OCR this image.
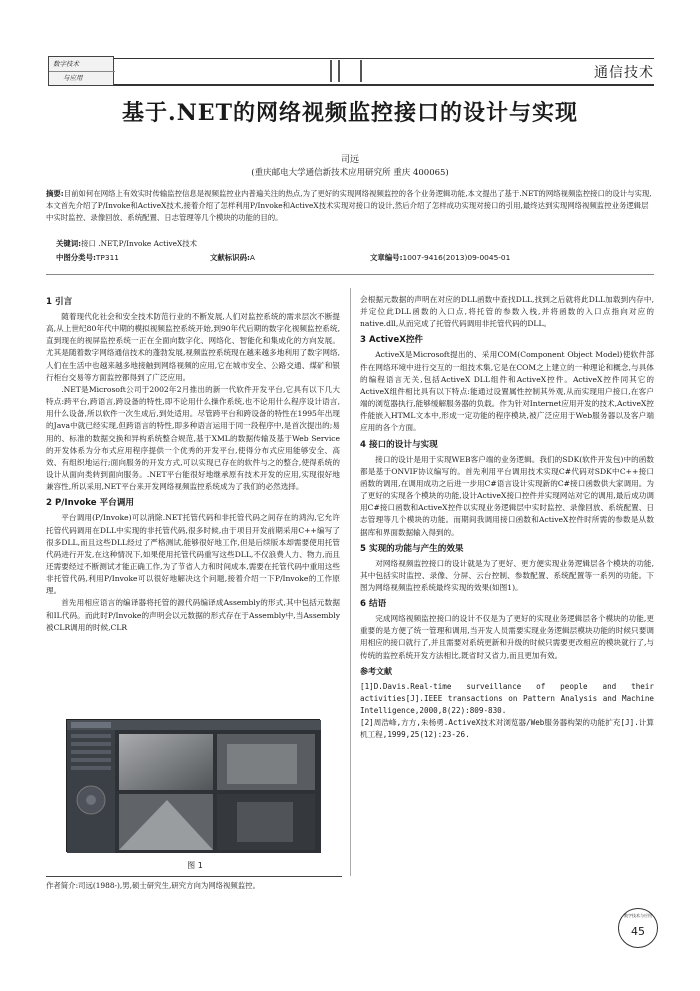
数字技术
与应用	通信技术
基于.NET的网络视频监控接口的设计与实现
司远
(重庆邮电大学通信新技术应用研究所 重庆 400065)
摘要:目前如何在网络上有效实时传输监控信息是视频监控业内普遍关注的热点,为了更好的实现网络视频监控的各个业务逻辑功能,本文提出了基于.NET的网络视频监控接口的设计与实现,本文首先介绍了P/Invoke和ActiveX技术,接着介绍了怎样利用P/Invoke和ActiveX技术实现对接口的设计,然后介绍了怎样成功实现对接口的引用,最终达到实现网络视频监控业务逻辑层中实时监控、录像回放、系统配置、日志管理等几个模块的功能的目的。
关键词:接口 .NET,P/Invoke ActiveX技术
中图分类号:TP311	文献标识码:A	文章编号:1007-9416(2013)09-0045-01
1 引言
随着现代化社会和安全技术防范行业的不断发展,人们对监控系统的需求层次不断提高,从上世纪80年代中期的模拟视频监控系统开始,到90年代后期的数字化视频监控系统,直到现在的视屏监控系统一正在全面向数字化、网络化、智能化和集成化的方向发展。尤其是随着数字网络通信技术的蓬勃发展,视频监控系统现在越来越多地利用了数字网络,人们在生活中也越来越多地接触到网络视频的应用,它在城市安全、公路交通、煤矿和银行柜台交易等方面监控都得到了广泛应用。
.NET是Microsoft公司于2002年2月推出的新一代软件开发平台,它具有以下几大特点:跨平台,跨语言,跨设备的特性,即不论用什么操作系统,也不论用什么程序设计语言,用什么设备,所以软件一次生成后,到处适用。尽管跨平台和跨设备的特性在1995年出现的Java中就已经实现,但跨语言的特性,即多种语言运用于同一段程序中,是首次提出的;易用的、标准的数据交换和异构系统整合规范,基于XML的数据传输及基于Web Service的开发体系为分布式应用程序提供一个优秀的开发平台,使得分布式应用能够安全、高效、有组织地运行;面向服务的开发方式,可以实现已存在的软件与之的整合,使得系统的设计从面向类转到面向服务。.NET平台能很好地继承原有技术开发的应用,实现很好地兼容性,所以采用,NET平台来开发网络视频监控系统成为了我们的必然选择。
2 P/Invoke 平台调用
平台调用(P/Invoke)可以消除.NET托管代码和非托管代码之间存在的鸿沟,它允许托管代码调用在DLL中实现的非托管代码,很多时候,由于项目开发前期采用C++编写了很多DLL,而且这些DLL经过了严格测试,能够很好地工作,但是后续版本却需要使用托管代码进行开发,在这种情况下,如果使用托管代码重写这些DLL,不仅浪费人力、物力,而且还需要经过不断测试才能正确工作,为了节省人力和时间成本,需要在托管代码中重用这些非托管代码,利用P/Invoke可以很好地解决这个问题,接着介绍一下P/Invoke的工作原理。
首先用相应语言的编译器将托管的源代码编译成Assembly的形式,其中包括元数据和IL代码。而此时P/Invoke的声明会以元数据的形式存在于Assembly中,当Assembly被CLR调用的时候,CLR
图 1
作者简介:司远(1988-),男,硕士研究生,研究方向为网络视频监控。
会根据元数据的声明在对应的DLL函数中查找DLL,找到之后就将此DLL加载到内存中,并定位此DLL函数的入口点,将托管的参数入栈,并将函数的入口点指向对应的native.dll,从而完成了托管代码调用非托管代码的DLL。
3 ActiveX控件
ActiveX是Microsoft提出的、采用COM(Component Object Model)使软件部件在网络环境中进行交互的一组技术集,它是在COM之上建立的一种理论和概念,与具体的编程语言无关,包括ActiveX DLL组件和ActiveX控件。ActiveX控件同其它的ActiveX组件相比具有以下特点:能通过设置属性控制其外观,从而实现用户接口,在客户端的浏览器执行,能够缓解服务器的负载。作为针对Internet应用开发的技术,ActiveX控件能嵌入HTML文本中,形成一定功能的程序模块,被广泛应用于Web服务器以及客户端应用的各个方面。
4 接口的设计与实现
接口的设计是用于实现WEB客户端的业务逻辑。我们的SDK(软件开发包)中的函数都是基于ONVIF协议编写的。首先利用平台调用技术实现C#代码对SDK中C++接口函数的调用,在调用成功之后进一步用C#语言设计实现新的C#接口函数供大家调用。为了更好的实现各个模块的功能,设计ActiveX接口控件并实现网站对它的调用,最后成功调用C#接口函数和ActiveX控件以实现业务逻辑层中实时监控、录像回放、系统配置、日志管理等几个模块的功能。而期间我调用接口函数和ActiveX控件时所需的参数是从数据库和界面数据输入得到的。
5 实现的功能与产生的效果
对网络视频监控接口的设计就是为了更好、更方便实现业务逻辑层各个模块的功能,其中包括实时监控、录像、分屏、云台控制、参数配置、系统配置等一系列的功能。下图为网络视频监控系统最终实现的效果(如图1)。
6 结语
完成网络视频监控接口的设计不仅是为了更好的实现业务逻辑层各个模块的功能,更重要的是方便了统一管理和调用,当开发人员需要实现业务逻辑层模块功能的时候只要调用相应的接口就行了,并且需要对系统更新和升级的时候只需要更改相应的模块就行了,与传统的监控系统开发方法相比,既省时又省力,而且更加有效。
参考文献
[1]D.Davis.Real-time surveillance of people and their activities[J].IEEE transactions on Pattern Analysis and Machine Intelligence,2000,8(22):809-830.
[2]周浩峰,方方,朱杨勇.ActiveX技术对浏览器/Web服务器构架的功能扩充[J].计算机工程,1999,25(12):23-26.
数字技术与应用
45
